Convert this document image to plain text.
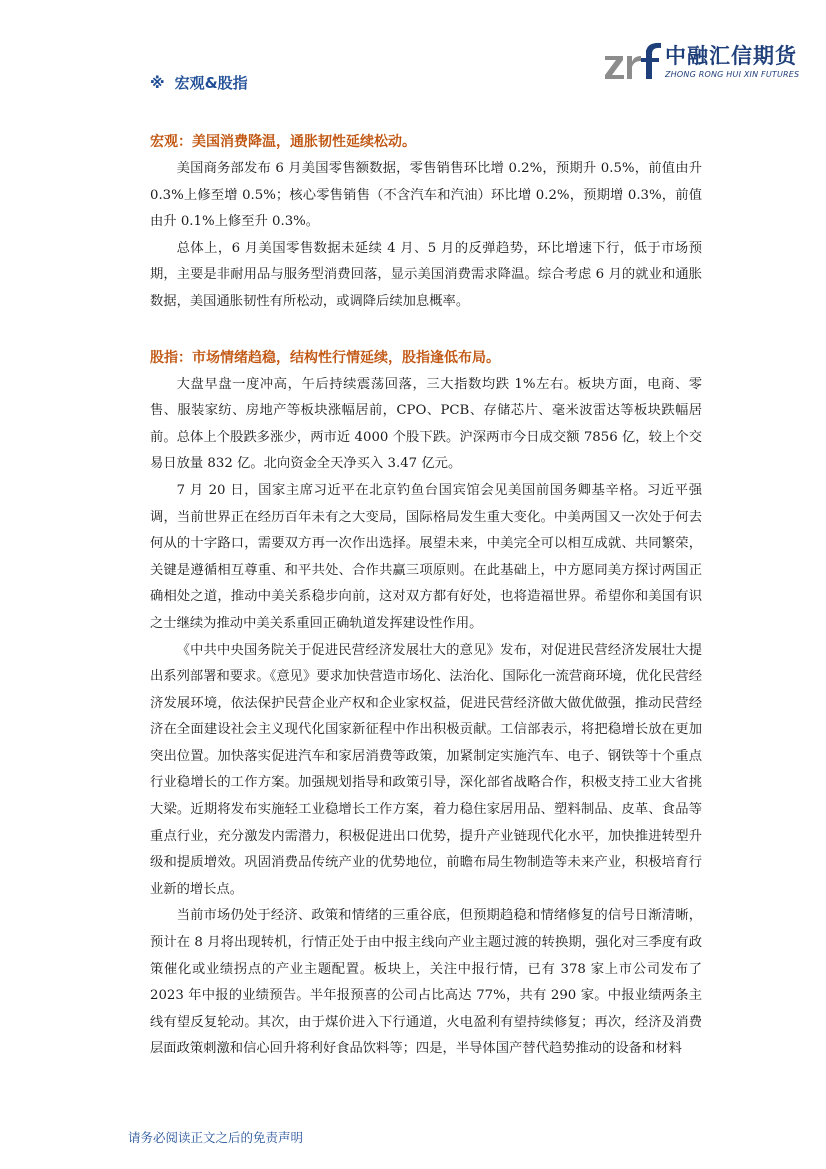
中融汇信期货
ZHONG RONG HUI XIN FUTURES
※ 宏观&股指
宏观：美国消费降温，通胀韧性延续松动。

美国商务部发布 6 月美国零售额数据，零售销售环比增 0.2%，预期升 0.5%，前值由升 0.3%上修至增 0.5%；核心零售销售（不含汽车和汽油）环比增 0.2%，预期增 0.3%，前值由升 0.1%上修至升 0.3%。

总体上，6 月美国零售数据未延续 4 月、5 月的反弹趋势，环比增速下行，低于市场预期，主要是非耐用品与服务型消费回落，显示美国消费需求降温。综合考虑 6 月的就业和通胀数据，美国通胀韧性有所松动，或调降后续加息概率。

股指：市场情绪趋稳，结构性行情延续，股指逢低布局。

大盘早盘一度冲高，午后持续震荡回落，三大指数均跌 1%左右。板块方面，电商、零售、服装家纺、房地产等板块涨幅居前，CPO、PCB、存储芯片、毫米波雷达等板块跌幅居前。总体上个股跌多涨少，两市近 4000 个股下跌。沪深两市今日成交额 7856 亿，较上个交易日放量 832 亿。北向资金全天净买入 3.47 亿元。

7 月 20 日，国家主席习近平在北京钓鱼台国宾馆会见美国前国务卿基辛格。习近平强调，当前世界正在经历百年未有之大变局，国际格局发生重大变化。中美两国又一次处于何去何从的十字路口，需要双方再一次作出选择。展望未来，中美完全可以相互成就、共同繁荣，关键是遵循相互尊重、和平共处、合作共赢三项原则。在此基础上，中方愿同美方探讨两国正确相处之道，推动中美关系稳步向前，这对双方都有好处，也将造福世界。希望你和美国有识之士继续为推动中美关系重回正确轨道发挥建设性作用。

《中共中央国务院关于促进民营经济发展壮大的意见》发布，对促进民营经济发展壮大提出系列部署和要求。《意见》要求加快营造市场化、法治化、国际化一流营商环境，优化民营经济发展环境，依法保护民营企业产权和企业家权益，促进民营经济做大做优做强，推动民营经济在全面建设社会主义现代化国家新征程中作出积极贡献。工信部表示，将把稳增长放在更加突出位置。加快落实促进汽车和家居消费等政策，加紧制定实施汽车、电子、钢铁等十个重点行业稳增长的工作方案。加强规划指导和政策引导，深化部省战略合作，积极支持工业大省挑大梁。近期将发布实施轻工业稳增长工作方案，着力稳住家居用品、塑料制品、皮革、食品等重点行业，充分激发内需潜力，积极促进出口优势，提升产业链现代化水平，加快推进转型升级和提质增效。巩固消费品传统产业的优势地位，前瞻布局生物制造等未来产业，积极培育行业新的增长点。

当前市场仍处于经济、政策和情绪的三重谷底，但预期趋稳和情绪修复的信号日渐清晰，预计在 8 月将出现转机，行情正处于由中报主线向产业主题过渡的转换期，强化对三季度有政策催化或业绩拐点的产业主题配置。板块上，关注中报行情，已有 378 家上市公司发布了 2023 年中报的业绩预告。半年报预喜的公司占比高达 77%，共有 290 家。中报业绩两条主线有望反复轮动。其次，由于煤价进入下行通道，火电盈利有望持续修复；再次，经济及消费层面政策刺激和信心回升将利好食品饮料等；四是，半导体国产替代趋势推动的设备和材料

请务必阅读正文之后的免责声明
